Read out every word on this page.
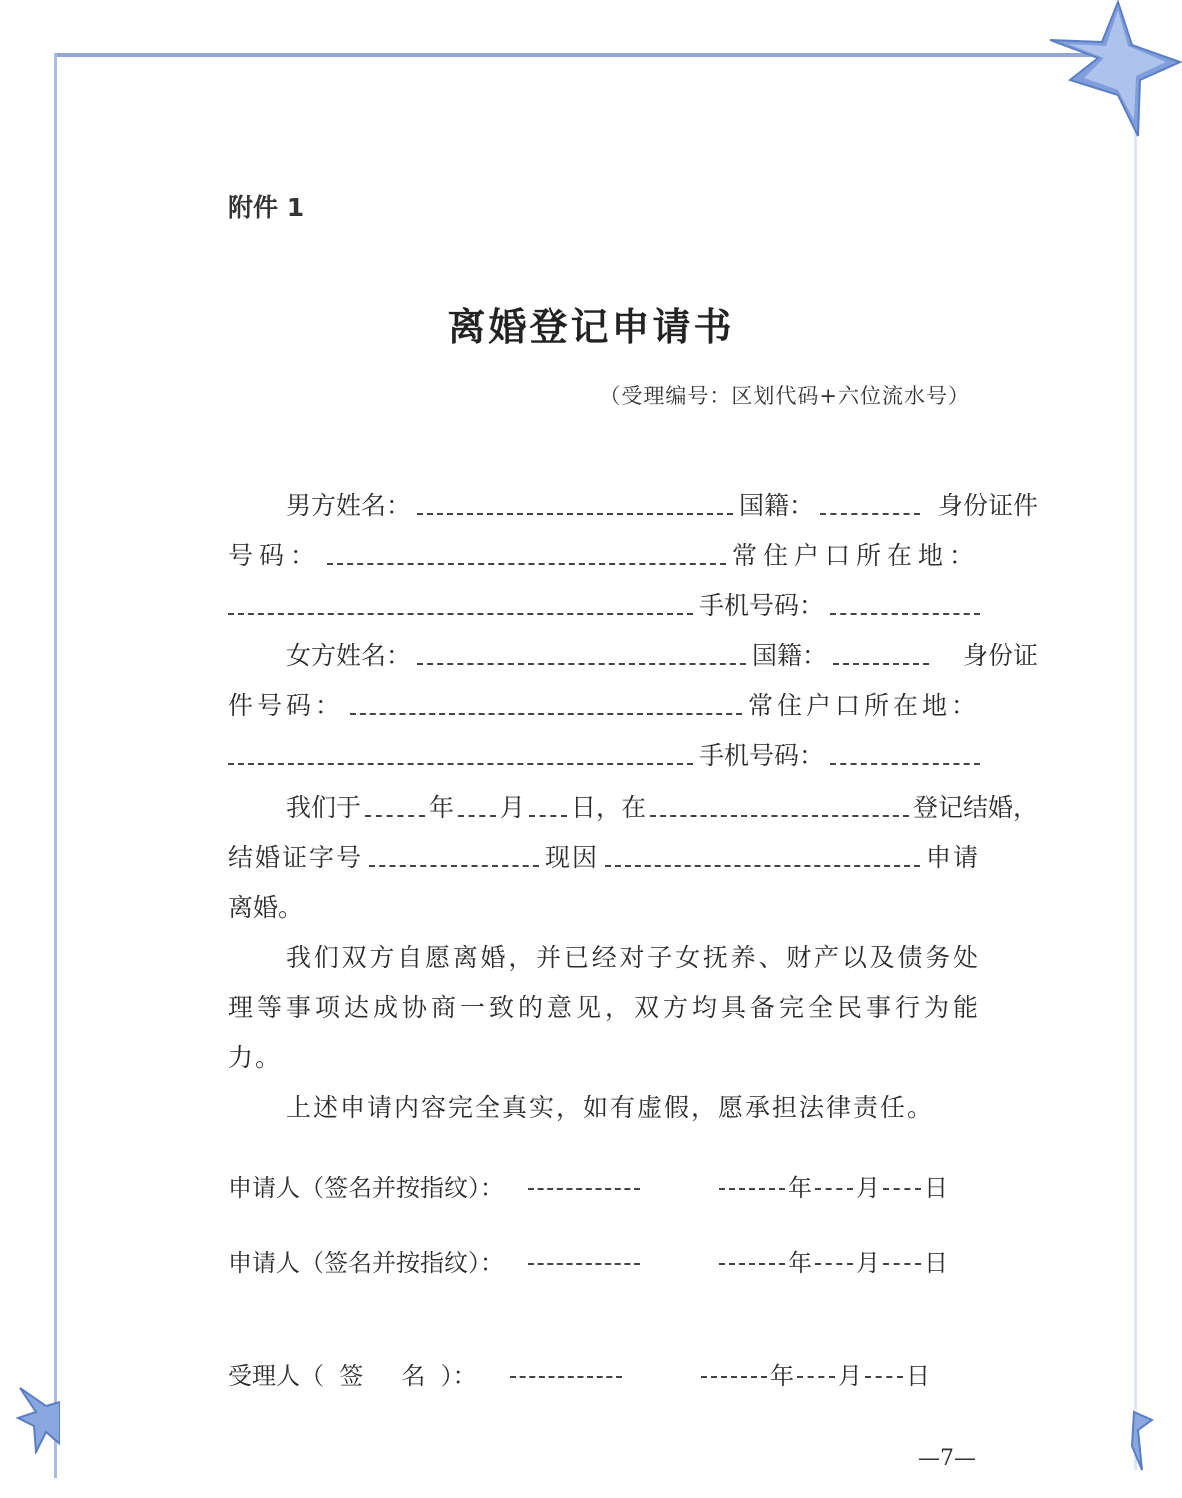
附件 1
离婚登记申请书
（受理编号：区划代码+六位流水号）
男方姓名：	国籍：	身份证件
号码：	常住户口所在地：
手机号码：
女方姓名：	国籍：	身份证
件号码：	常住户口所在地：
手机号码：
我们于	年 月 日， 在	登记结婚，
结婚证字号	现因	申请
离婚。
我们双方自愿离婚，并已经对子女抚养、财产以及债务处理等事项达成协商一致的意见，双方均具备完全民事行为能力。
上述申请内容完全真实，如有虚假，愿承担法律责任。
申请人（签名并按指纹）：	年 月 日
申请人（签名并按指纹）：	年 月 日
受理人（  签     名  ）：	年 月 日
—7—
